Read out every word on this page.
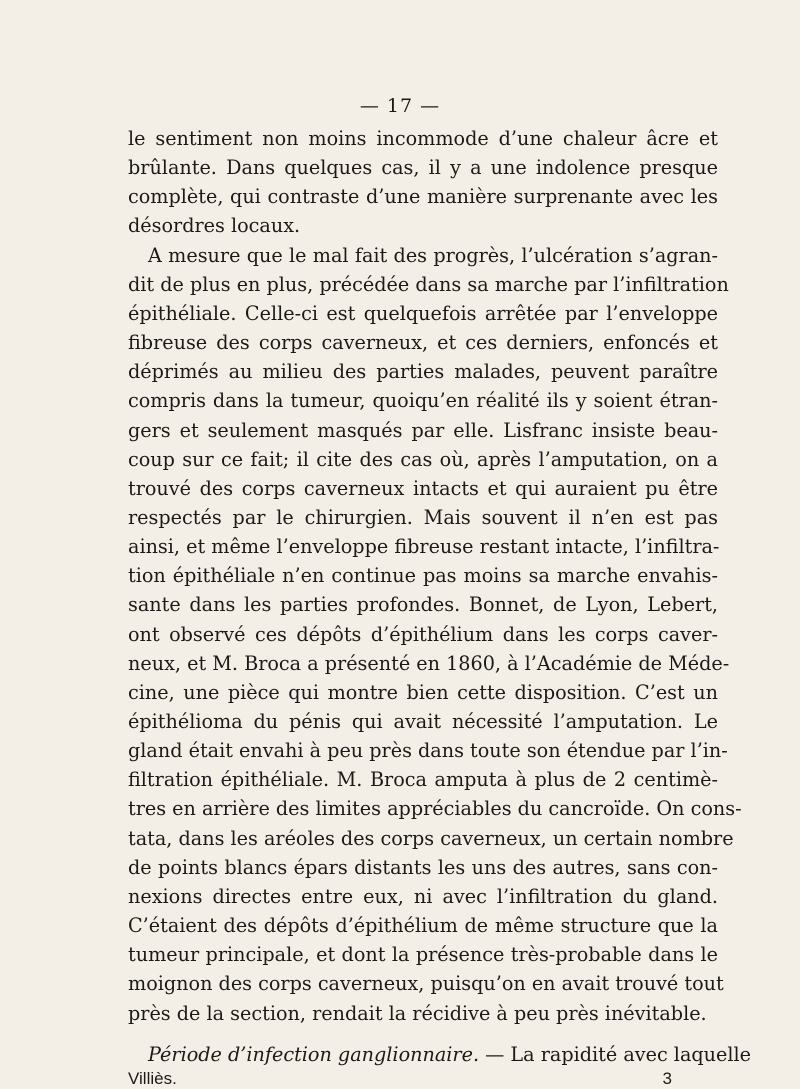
— 17 —
le sentiment non moins incommode d’une chaleur âcre et
brûlante. Dans quelques cas, il y a une indolence presque
complète, qui contraste d’une manière surprenante avec les
désordres locaux.
A mesure que le mal fait des progrès, l’ulcération s’agran-
dit de plus en plus, précédée dans sa marche par l’infiltration
épithéliale. Celle-ci est quelquefois arrêtée par l’enveloppe
fibreuse des corps caverneux, et ces derniers, enfoncés et
déprimés au milieu des parties malades, peuvent paraître
compris dans la tumeur, quoiqu’en réalité ils y soient étran-
gers et seulement masqués par elle. Lisfranc insiste beau-
coup sur ce fait; il cite des cas où, après l’amputation, on a
trouvé des corps caverneux intacts et qui auraient pu être
respectés par le chirurgien. Mais souvent il n’en est pas
ainsi, et même l’enveloppe fibreuse restant intacte, l’infiltra-
tion épithéliale n’en continue pas moins sa marche envahis-
sante dans les parties profondes. Bonnet, de Lyon, Lebert,
ont observé ces dépôts d’épithélium dans les corps caver-
neux, et M. Broca a présenté en 1860, à l’Académie de Méde-
cine, une pièce qui montre bien cette disposition. C’est un
épithélioma du pénis qui avait nécessité l’amputation. Le
gland était envahi à peu près dans toute son étendue par l’in-
filtration épithéliale. M. Broca amputa à plus de 2 centimè-
tres en arrière des limites appréciables du cancroïde. On cons-
tata, dans les aréoles des corps caverneux, un certain nombre
de points blancs épars distants les uns des autres, sans con-
nexions directes entre eux, ni avec l’infiltration du gland.
C’étaient des dépôts d’épithélium de même structure que la
tumeur principale, et dont la présence très-probable dans le
moignon des corps caverneux, puisqu’on en avait trouvé tout
près de la section, rendait la récidive à peu près inévitable.
Période d’infection ganglionnaire. — La rapidité avec laquelle
Villiès.	3
